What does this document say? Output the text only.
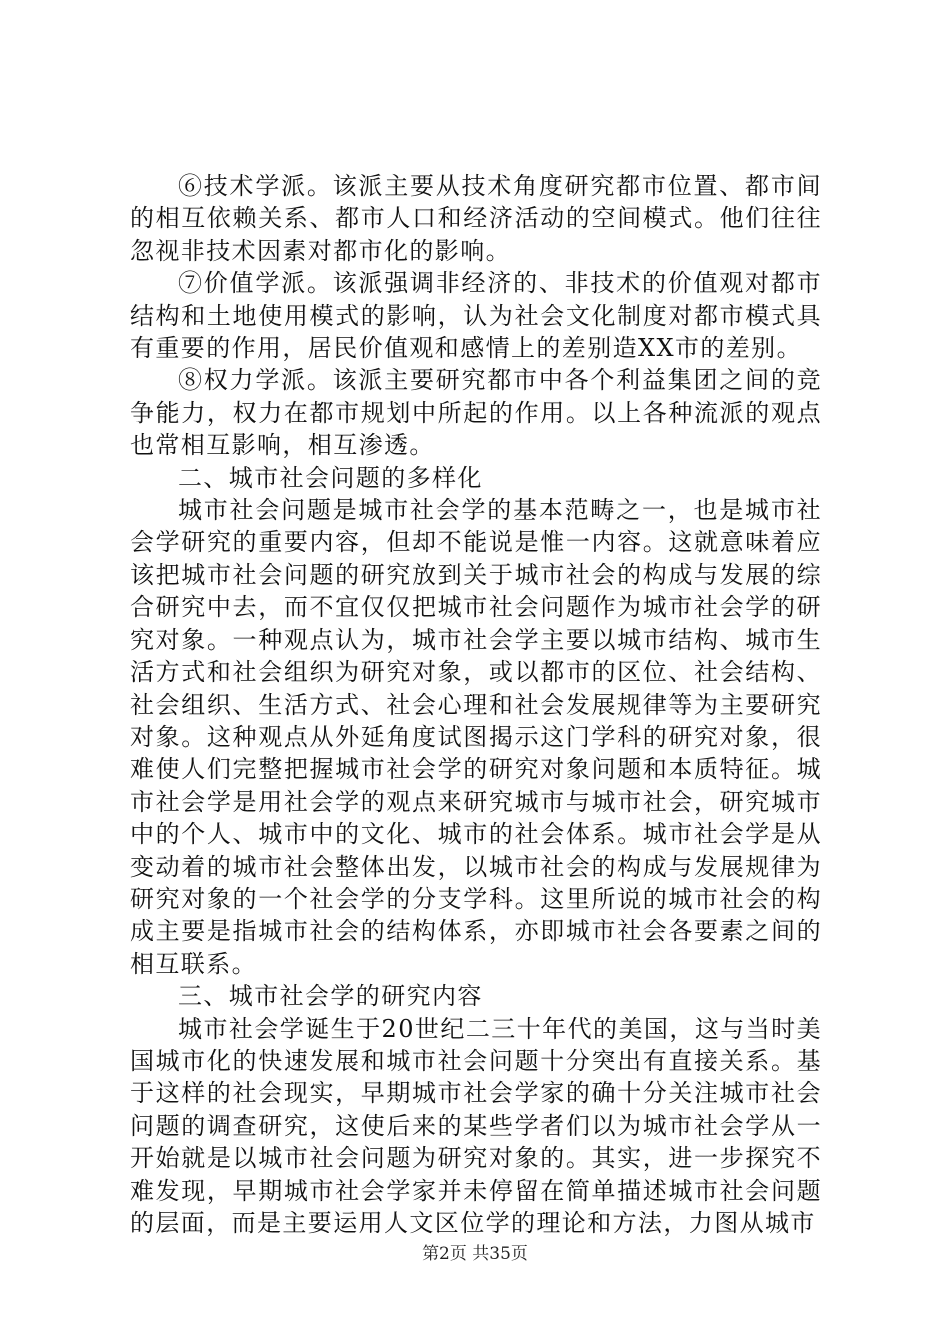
⑥技术学派。该派主要从技术角度研究都市位置、都市间的相互依赖关系、都市人口和经济活动的空间模式。他们往往忽视非技术因素对都市化的影响。

⑦价值学派。该派强调非经济的、非技术的价值观对都市结构和土地使用模式的影响，认为社会文化制度对都市模式具有重要的作用，居民价值观和感情上的差别造XX市的差别。

⑧权力学派。该派主要研究都市中各个利益集团之间的竞争能力，权力在都市规划中所起的作用。以上各种流派的观点也常相互影响，相互渗透。

二、城市社会问题的多样化

城市社会问题是城市社会学的基本范畴之一，也是城市社会学研究的重要内容，但却不能说是惟一内容。这就意味着应该把城市社会问题的研究放到关于城市社会的构成与发展的综合研究中去，而不宜仅仅把城市社会问题作为城市社会学的研究对象。一种观点认为，城市社会学主要以城市结构、城市生活方式和社会组织为研究对象，或以都市的区位、社会结构、社会组织、生活方式、社会心理和社会发展规律等为主要研究对象。这种观点从外延角度试图揭示这门学科的研究对象，很难使人们完整把握城市社会学的研究对象问题和本质特征。城市社会学是用社会学的观点来研究城市与城市社会，研究城市中的个人、城市中的文化、城市的社会体系。城市社会学是从变动着的城市社会整体出发，以城市社会的构成与发展规律为研究对象的一个社会学的分支学科。这里所说的城市社会的构成主要是指城市社会的结构体系，亦即城市社会各要素之间的相互联系。

三、城市社会学的研究内容

城市社会学诞生于20世纪二三十年代的美国，这与当时美国城市化的快速发展和城市社会问题十分突出有直接关系。基于这样的社会现实，早期城市社会学家的确十分关注城市社会问题的调查研究，这使后来的某些学者们以为城市社会学从一开始就是以城市社会问题为研究对象的。其实，进一步探究不难发现，早期城市社会学家并未停留在简单描述城市社会问题的层面，而是主要运用人文区位学的理论和方法，力图从城市

第2页 共35页
